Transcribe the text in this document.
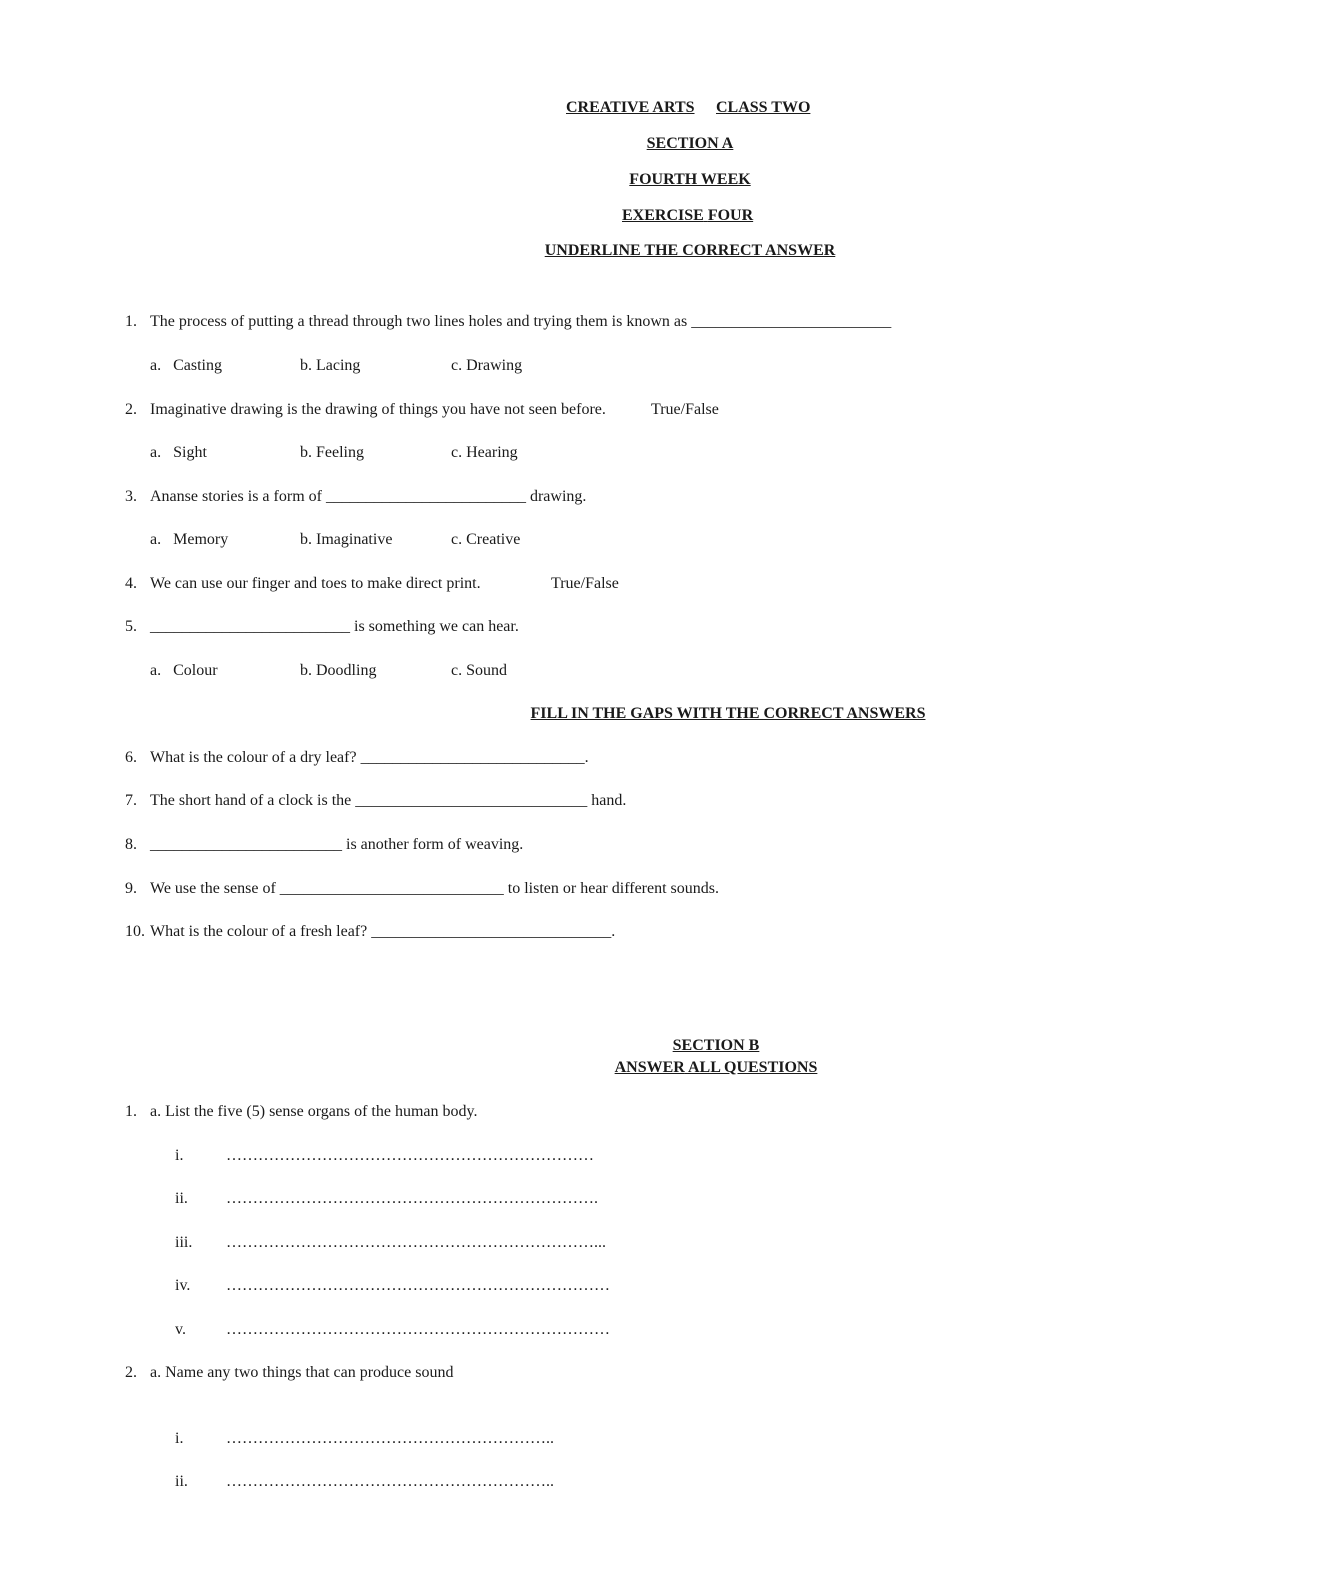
CREATIVE ARTS CLASS TWO
SECTION A
FOURTH WEEK
EXERCISE FOUR
UNDERLINE THE CORRECT ANSWER
1. The process of putting a thread through two lines holes and trying them is known as _________________________
a. Casting	b. Lacing	c. Drawing
2. Imaginative drawing is the drawing of things you have not seen before.	True/False
a. Sight	b. Feeling	c. Hearing
3. Ananse stories is a form of _________________________ drawing.
a. Memory	b. Imaginative	c. Creative
4. We can use our finger and toes to make direct print.	True/False
5. _________________________ is something we can hear.
a. Colour	b. Doodling	c. Sound
FILL IN THE GAPS WITH THE CORRECT ANSWERS
6. What is the colour of a dry leaf? ____________________________.
7. The short hand of a clock is the _____________________________ hand.
8. ________________________ is another form of weaving.
9. We use the sense of ____________________________ to listen or hear different sounds.
10. What is the colour of a fresh leaf? ______________________________.
SECTION B
ANSWER ALL QUESTIONS
1. a. List the five (5) sense organs of the human body.
i.	……………………………………………………………
ii. …………………………………………………………….
iii. ……………………………………………………………...
iv. ………………………………………………………………
v.	………………………………………………………………
2. a. Name any two things that can produce sound
i.	……………………………………………………..
ii. ……………………………………………………..
